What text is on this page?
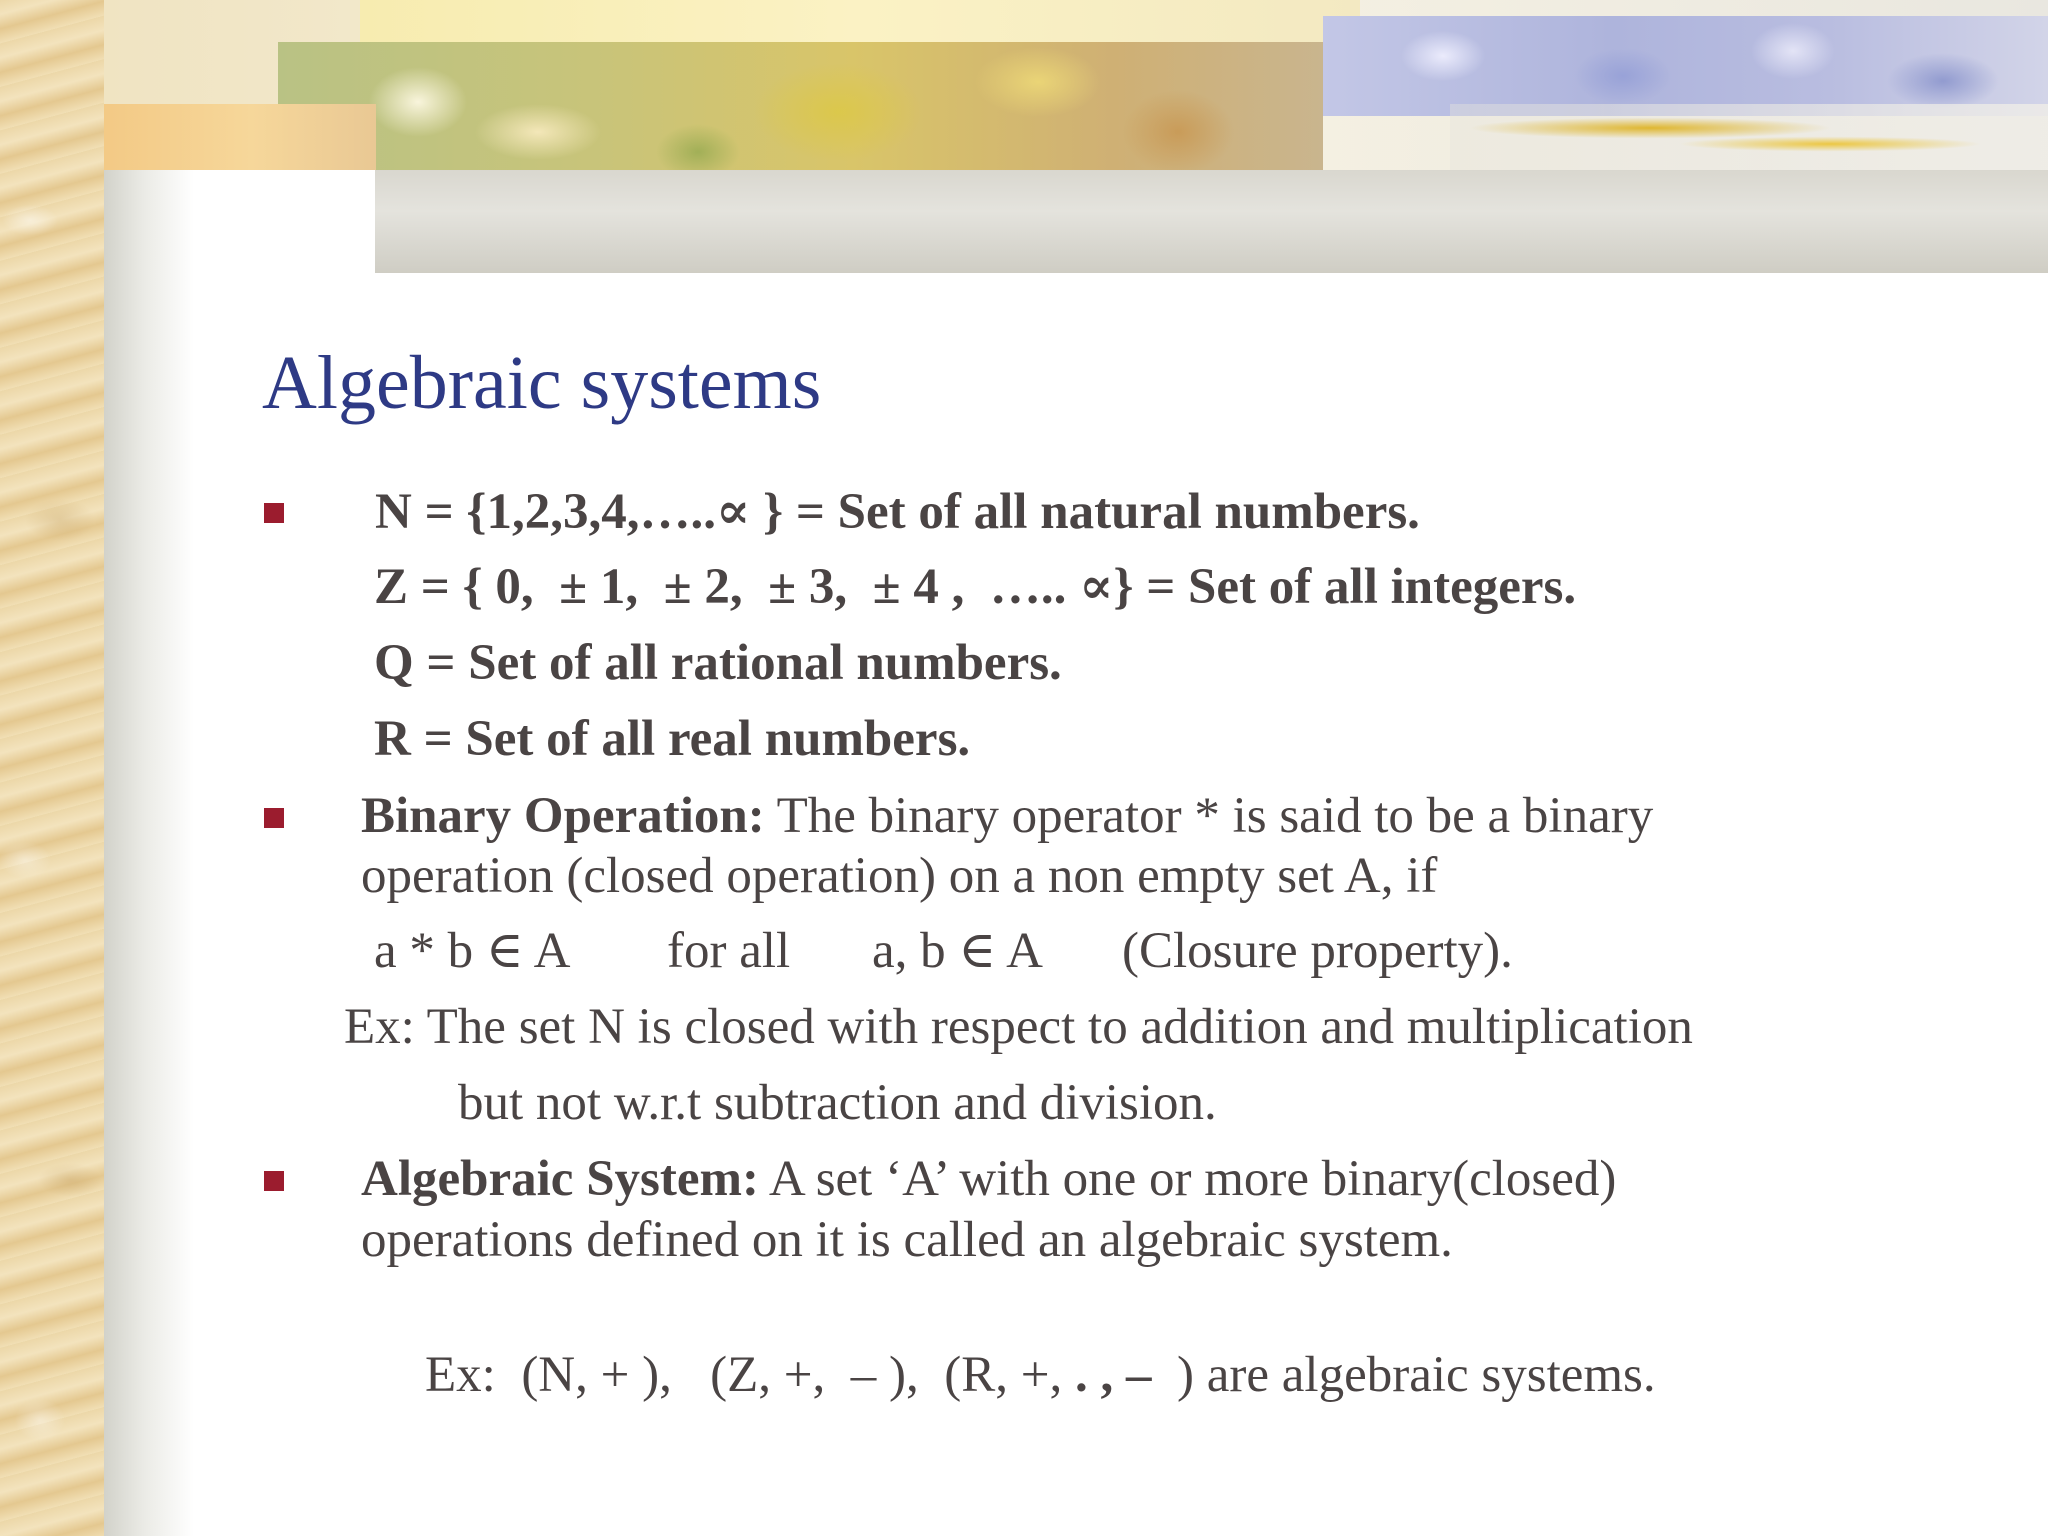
Algebraic systems
N = {1,2,3,4,…..∝ } = Set of all natural numbers.
Z = { 0,  ± 1,  ± 2,  ± 3,  ± 4 ,  ….. ∝} = Set of all integers.
Q = Set of all rational numbers.
R = Set of all real numbers.
Binary Operation: The binary operator * is said to be a binary
operation (closed operation) on a non empty set A, if
a * b ∈ A for all a, b ∈ A (Closure property).
Ex: The set N is closed with respect to addition and multiplication
but not w.r.t subtraction and division.
Algebraic System: A set ‘A’ with one or more binary(closed)
operations defined on it is called an algebraic system.

Ex:  (N, + ),   (Z, +,  – ),  (R, +, . , –  ) are algebraic systems.
